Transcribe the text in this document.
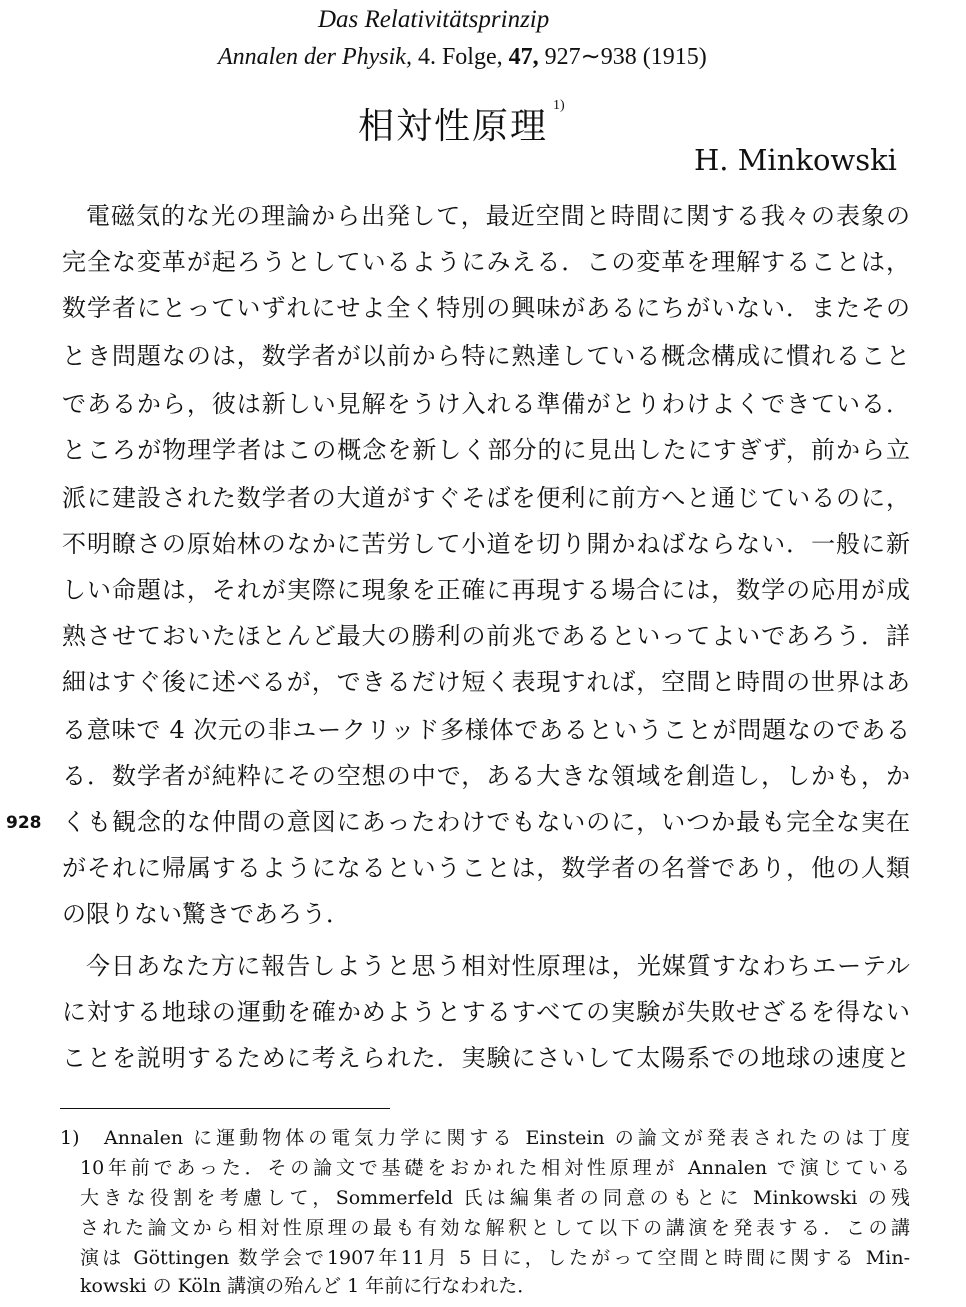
Das Relativitätsprinzip
Annalen der Physik, 4. Folge, 47, 927∼938 (1915)
相対性原理
1)
H. Minkowski
928
電磁気的な光の理論から出発して，最近空間と時間に関する我々の表象の
完全な変革が起ろうとしているようにみえる．この変革を理解することは，
数学者にとっていずれにせよ全く特別の興味があるにちがいない．またその
とき問題なのは，数学者が以前から特に熟達している概念構成に慣れること
であるから，彼は新しい見解をうけ入れる準備がとりわけよくできている．
ところが物理学者はこの概念を新しく部分的に見出したにすぎず，前から立
派に建設された数学者の大道がすぐそばを便利に前方へと通じているのに，
不明瞭さの原始林のなかに苦労して小道を切り開かねばならない．一般に新
しい命題は，それが実際に現象を正確に再現する場合には，数学の応用が成
熟させておいたほとんど最大の勝利の前兆であるといってよいであろう．詳
細はすぐ後に述べるが，できるだけ短く表現すれば，空間と時間の世界はあ
る意味で 4 次元の非ユークリッド多様体であるということが問題なのである
る．数学者が純粋にその空想の中で，ある大きな領域を創造し，しかも，か
くも観念的な仲間の意図にあったわけでもないのに，いつか最も完全な実在
がそれに帰属するようになるということは，数学者の名誉であり，他の人類
の限りない驚きであろう．
今日あなた方に報告しようと思う相対性原理は，光媒質すなわちエーテル
に対する地球の運動を確かめようとするすべての実験が失敗せざるを得ない
ことを説明するために考えられた．実験にさいして太陽系での地球の速度と
1) Annalen に運動物体の電気力学に関する Einstein の論文が発表されたのは丁度
10年前であった．その論文で基礎をおかれた相対性原理が Annalen で演じている
大きな役割を考慮して，Sommerfeld 氏は編集者の同意のもとに Minkowski の残
された論文から相対性原理の最も有効な解釈として以下の講演を発表する．この講
演は Göttingen 数学会で1907年11月 5 日に，したがって空間と時間に関する Min-
kowski の Köln 講演の殆んど 1 年前に行なわれた．
